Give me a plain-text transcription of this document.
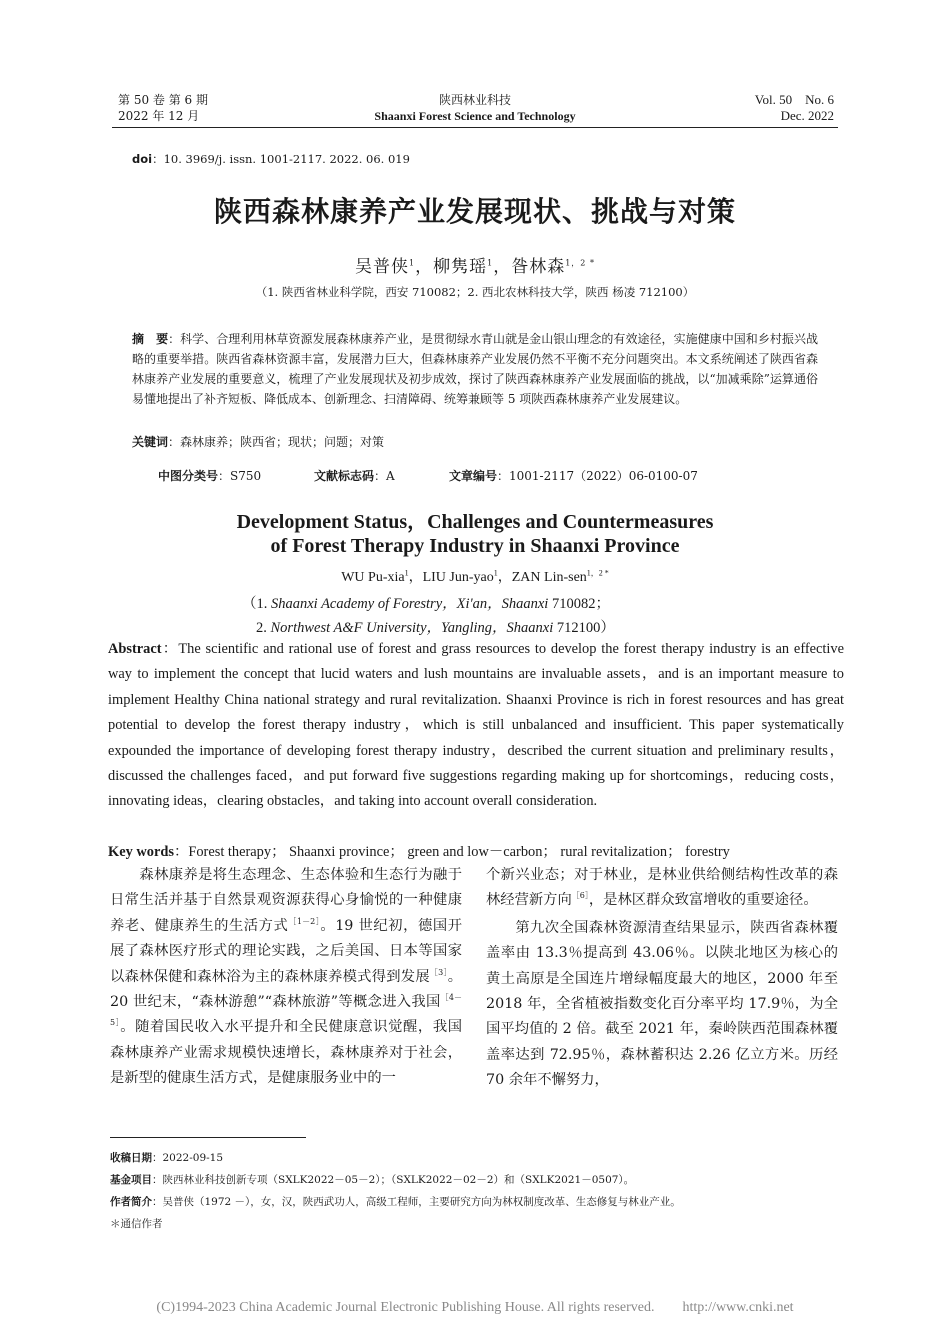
第 50 卷 第 6 期
2022 年 12 月
陕西林业科技
Shaanxi Forest Science and Technology
Vol. 50　No. 6
Dec. 2022
doi：10. 3969/j. issn. 1001-2117. 2022. 06. 019
陕西森林康养产业发展现状、挑战与对策
吴普侠$^1$，柳隽瑶$^1$，昝林森$^{1,2 *}$
（1. 陕西省林业科学院，西安 710082；2. 西北农林科技大学，陕西 杨凌 712100）
摘　要：科学、合理利用林草资源发展森林康养产业，是贯彻绿水青山就是金山银山理念的有效途径，实施健康中国和乡村振兴战略的重要举措。陕西省森林资源丰富，发展潜力巨大，但森林康养产业发展仍然不平衡不充分问题突出。本文系统阐述了陕西省森林康养产业发展的重要意义，梳理了产业发展现状及初步成效，探讨了陕西森林康养产业发展面临的挑战，以“加减乘除”运算通俗易懂地提出了补齐短板、降低成本、创新理念、扫清障碍、统筹兼顾等 5 项陕西森林康养产业发展建议。
关键词：森林康养；陕西省；现状；问题；对策
中图分类号：S750	文献标志码：A	文章编号：1001-2117（2022）06-0100-07
Development Status，Challenges and Countermeasures
of Forest Therapy Industry in Shaanxi Province
WU Pu-xia$^1$，LIU Jun-yao$^1$，ZAN Lin-sen$^{1,2 *}$
（1. Shaanxi Academy of Forestry，Xi'an，Shaanxi 710082；
2. Northwest A&F University，Yangling，Shaanxi 712100）
Abstract：The scientific and rational use of forest and grass resources to develop the forest therapy industry is an effective way to implement the concept that lucid waters and lush mountains are invaluable assets，and is an important measure to implement Healthy China national strategy and rural revitalization. Shaanxi Province is rich in forest resources and has great potential to develop the forest therapy industry，which is still unbalanced and insufficient. This paper systematically expounded the importance of developing forest therapy industry，described the current situation and preliminary results，discussed the challenges faced，and put forward five suggestions regarding making up for shortcomings，reducing costs，innovating ideas，clearing obstacles，and taking into account overall consideration.
Key words：Forest therapy； Shaanxi province； green and low－carbon； rural revitalization； forestry

　　森林康养是将生态理念、生态体验和生态行为融于日常生活并基于自然景观资源获得心身愉悦的一种健康养老、健康养生的生活方式$^{[1-2]}$。19 世纪初，德国开展了森林医疗形式的理论实践，之后美国、日本等国家以森林保健和森林浴为主的森林康养模式得到发展$^{[3]}$。20 世纪末，“森林游憩”“森林旅游”等概念进入我国$^{[4-5]}$。随着国民收入水平提升和全民健康意识觉醒，我国森林康养产业需求规模快速增长，森林康养对于社会，是新型的健康生活方式，是健康服务业中的一

个新兴业态；对于林业，是林业供给侧结构性改革的森林经营新方向$^{[6]}$，是林区群众致富增收的重要途径。

　　第九次全国森林资源清查结果显示，陕西省森林覆盖率由 13.3％提高到 43.06％。以陕北地区为核心的黄土高原是全国连片增绿幅度最大的地区，2000 年至 2018 年，全省植被指数变化百分率平均 17.9％，为全国平均值的 2 倍。截至 2021 年，秦岭陕西范围森林覆盖率达到 72.95％，森林蓄积达 2.26 亿立方米。历经 70 余年不懈努力，

收稿日期：2022-09-15
基金项目：陕西林业科技创新专项（SXLK2022－05－2）；（SXLK2022－02－2）和（SXLK2021－0507）。
作者简介：吴普侠（1972 －），女，汉，陕西武功人，高级工程师，主要研究方向为林权制度改革、生态修复与林业产业。
＊通信作者
(C)1994-2023 China Academic Journal Electronic Publishing House. All rights reserved.　　http://www.cnki.net
